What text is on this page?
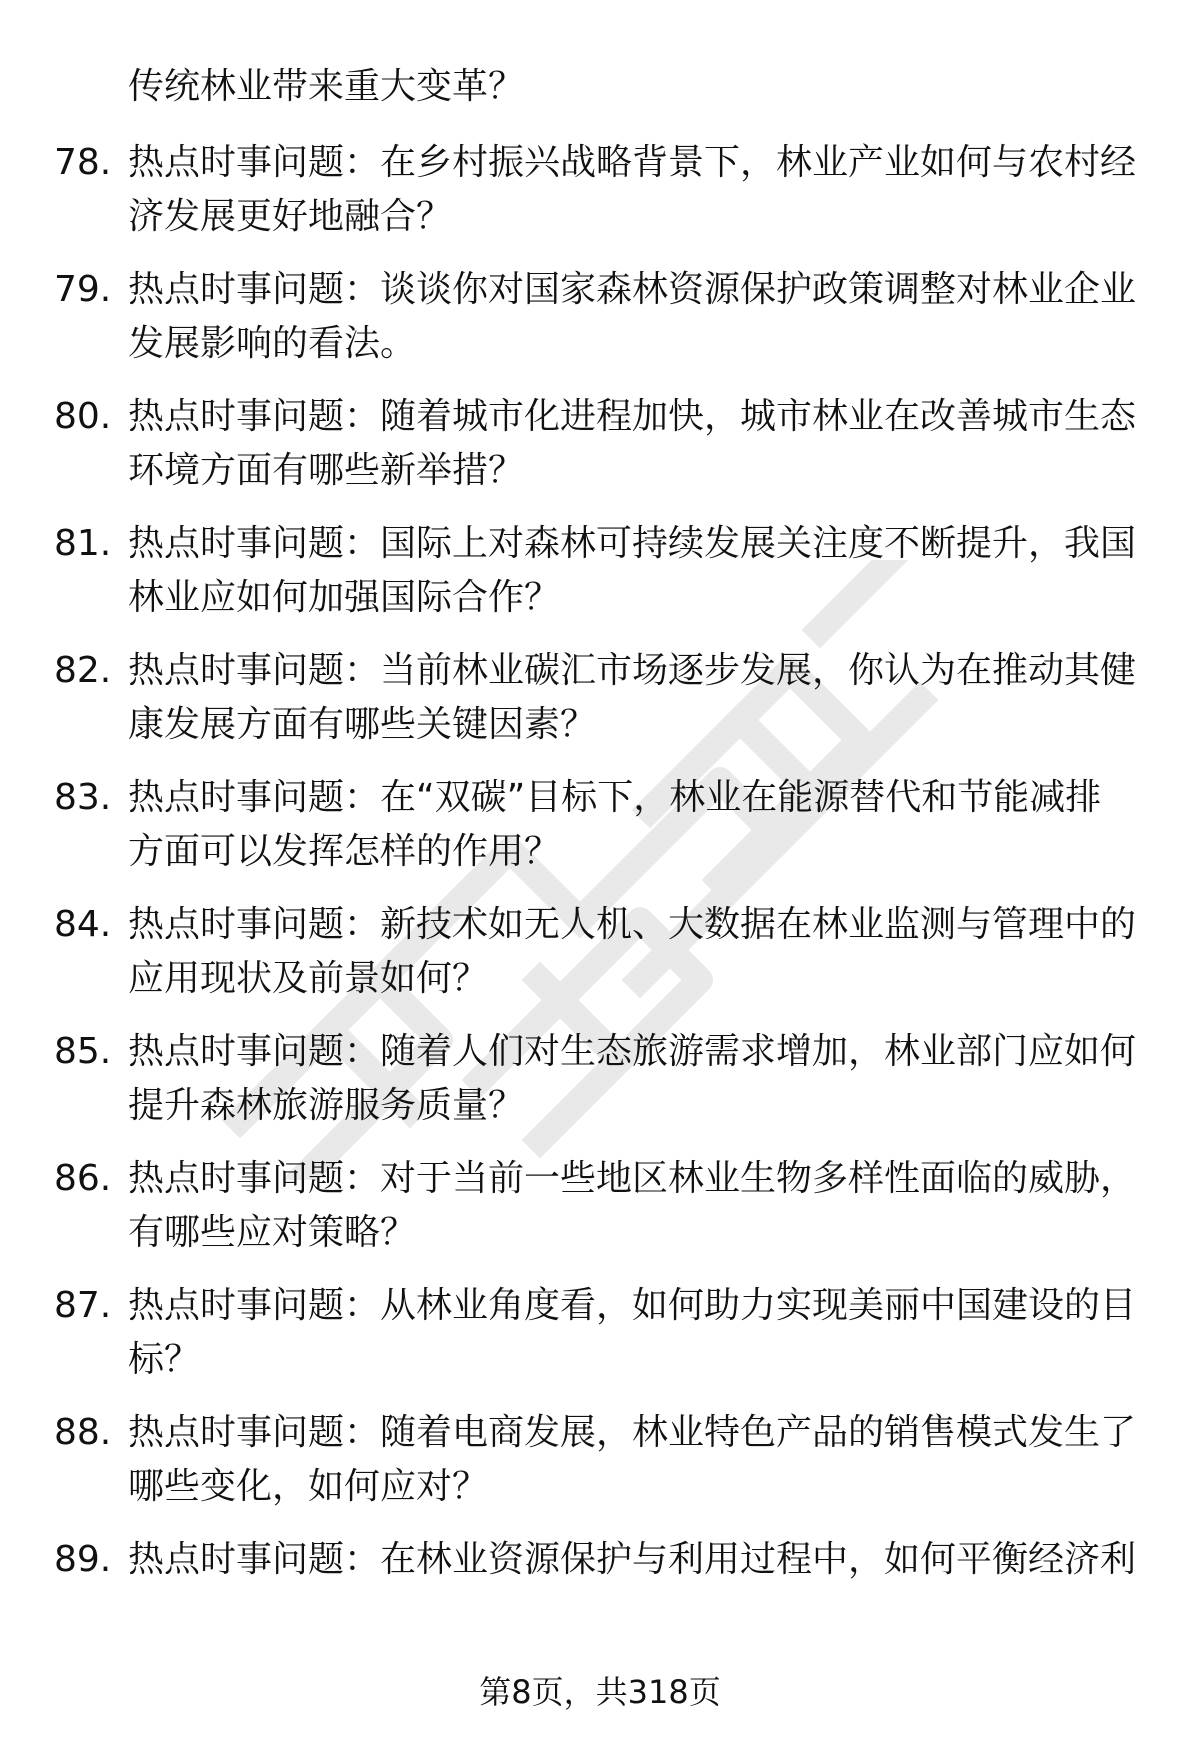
传统林业带来重大变革？
78. 热点时事问题：在乡村振兴战略背景下，林业产业如何与农村经
济发展更好地融合？
79. 热点时事问题：谈谈你对国家森林资源保护政策调整对林业企业
发展影响的看法。
80. 热点时事问题：随着城市化进程加快，城市林业在改善城市生态
环境方面有哪些新举措？
81. 热点时事问题：国际上对森林可持续发展关注度不断提升，我国
林业应如何加强国际合作？
82. 热点时事问题：当前林业碳汇市场逐步发展，你认为在推动其健
康发展方面有哪些关键因素？
83. 热点时事问题：在“双碳”目标下，林业在能源替代和节能减排
方面可以发挥怎样的作用？
84. 热点时事问题：新技术如无人机、大数据在林业监测与管理中的
应用现状及前景如何？
85. 热点时事问题：随着人们对生态旅游需求增加，林业部门应如何
提升森林旅游服务质量？
86. 热点时事问题：对于当前一些地区林业生物多样性面临的威胁，
有哪些应对策略？
87. 热点时事问题：从林业角度看，如何助力实现美丽中国建设的目
标？
88. 热点时事问题：随着电商发展，林业特色产品的销售模式发生了
哪些变化，如何应对？
89. 热点时事问题：在林业资源保护与利用过程中，如何平衡经济利
第8页，共318页
